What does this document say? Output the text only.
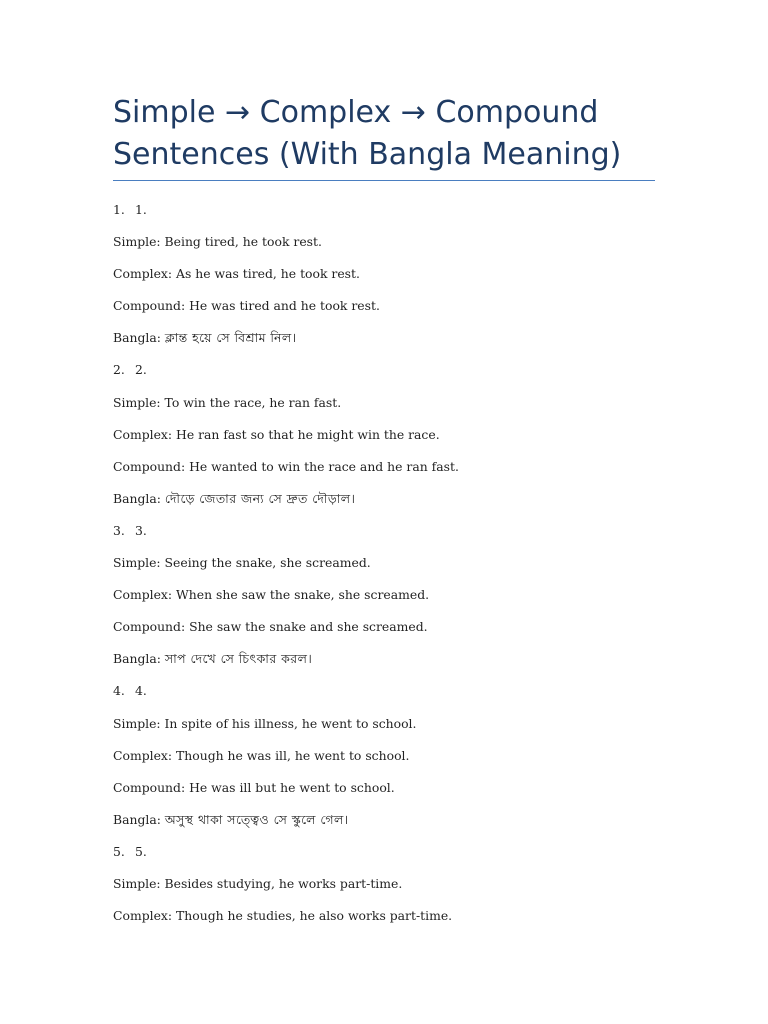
Simple → Complex → Compound
Sentences (With Bangla Meaning)
1. 1.
Simple: Being tired, he took rest.
Complex: As he was tired, he took rest.
Compound: He was tired and he took rest.
Bangla: ক্লান্ত হয়ে সে বিশ্রাম নিল।
2. 2.
Simple: To win the race, he ran fast.
Complex: He ran fast so that he might win the race.
Compound: He wanted to win the race and he ran fast.
Bangla: দৌড়ে জেতার জন্য সে দ্রুত দৌড়াল।
3. 3.
Simple: Seeing the snake, she screamed.
Complex: When she saw the snake, she screamed.
Compound: She saw the snake and she screamed.
Bangla: সাপ দেখে সে চিৎকার করল।
4. 4.
Simple: In spite of his illness, he went to school.
Complex: Though he was ill, he went to school.
Compound: He was ill but he went to school.
Bangla: অসুস্থ থাকা সত্ত্বেও সে স্কুলে গেল।
5. 5.
Simple: Besides studying, he works part-time.
Complex: Though he studies, he also works part-time.
